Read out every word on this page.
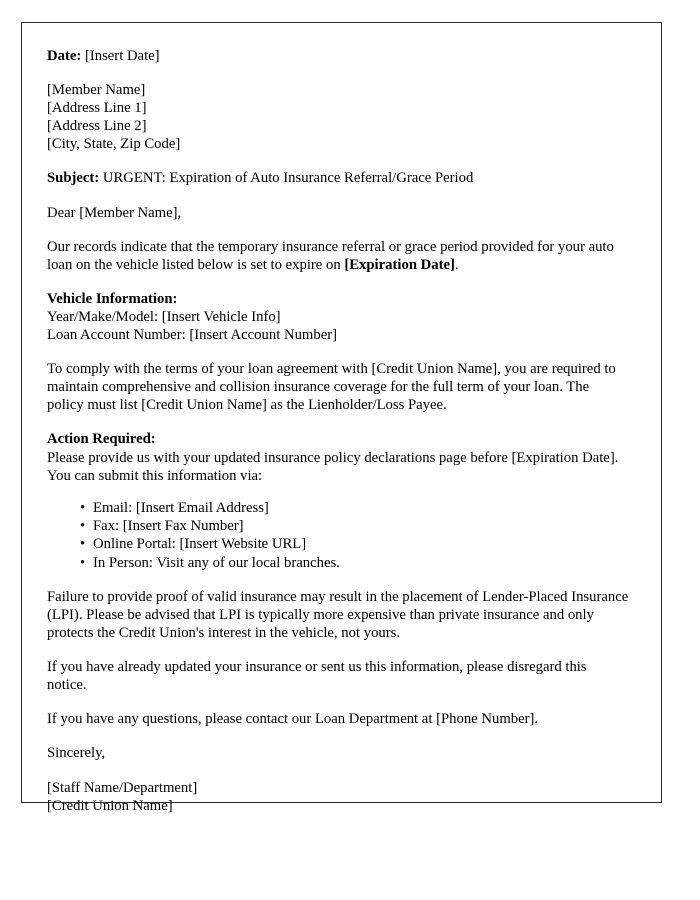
Date: [Insert Date]
[Member Name]
[Address Line 1]
[Address Line 2]
[City, State, Zip Code]
Subject: URGENT: Expiration of Auto Insurance Referral/Grace Period
Dear [Member Name],
Our records indicate that the temporary insurance referral or grace period provided for your auto loan on the vehicle listed below is set to expire on [Expiration Date].
Vehicle Information:
Year/Make/Model: [Insert Vehicle Info]
Loan Account Number: [Insert Account Number]
To comply with the terms of your loan agreement with [Credit Union Name], you are required to maintain comprehensive and collision insurance coverage for the full term of your loan. The policy must list [Credit Union Name] as the Lienholder/Loss Payee.
Action Required:
Please provide us with your updated insurance policy declarations page before [Expiration Date]. You can submit this information via:
• Email: [Insert Email Address]
• Fax: [Insert Fax Number]
• Online Portal: [Insert Website URL]
• In Person: Visit any of our local branches.
Failure to provide proof of valid insurance may result in the placement of Lender-Placed Insurance (LPI). Please be advised that LPI is typically more expensive than private insurance and only protects the Credit Union's interest in the vehicle, not yours.
If you have already updated your insurance or sent us this information, please disregard this notice.
If you have any questions, please contact our Loan Department at [Phone Number].
Sincerely,
[Staff Name/Department]
[Credit Union Name]
